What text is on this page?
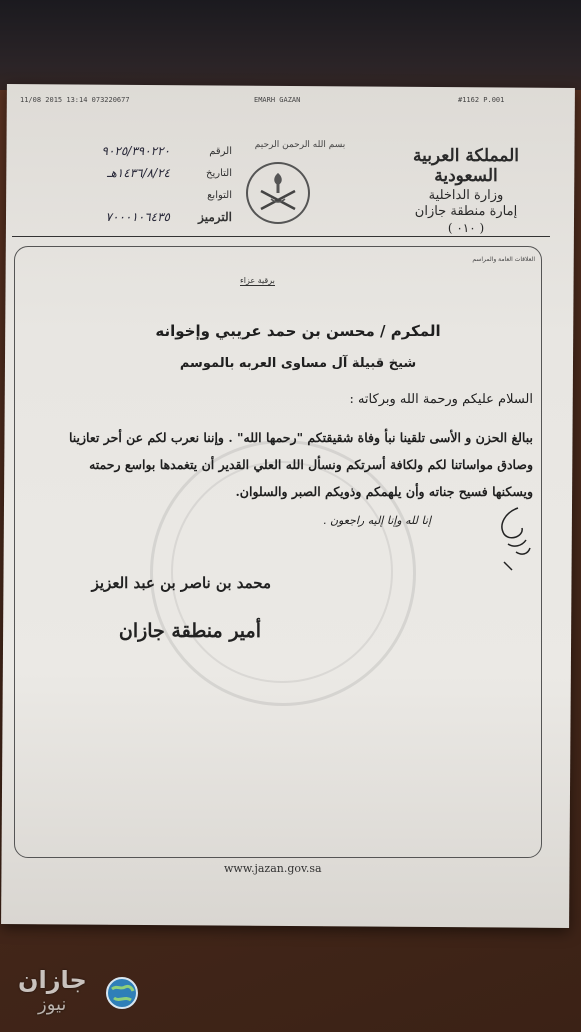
11/08 2015 13:14 073220677	EMARH GAZAN	#1162 P.001
الرقم
٩٠٢٥/٣٩٠٢٢٠
التاريخ
١٤٣٦/٨/٢٤هـ
التوابع
الترميز
٧٠٠٠١٠٦٤٣٥
بسم الله الرحمن الرحيم
المملكة العربية السعودية
وزارة الداخلية
إمارة منطقة جازان
( ٠١٠ )
العلاقات العامة والمراسم
برقية عزاء
المكرم / محسن بن حمد عريبي وإخوانه
شيخ قبيلة آل مساوى العربه بالموسم
السلام عليكم ورحمة الله وبركاته :
ببالغ الحزن و الأسى تلقينا نبأ وفاة شقيقتكم "رحمها الله" . وإننا نعرب لكم عن أحر تعازينا وصادق مواساتنا لكم ولكافة أسرتكم ونسأل الله العلي القدير أن يتغمدها بواسع رحمته ويسكنها فسيح جناته وأن يلهمكم وذويكم الصبر والسلوان.
إنا لله وإنا إليه راجعون .
محمد بن ناصر بن عبد العزيز
أمير منطقة جازان
www.jazan.gov.sa
جازان
نيوز
